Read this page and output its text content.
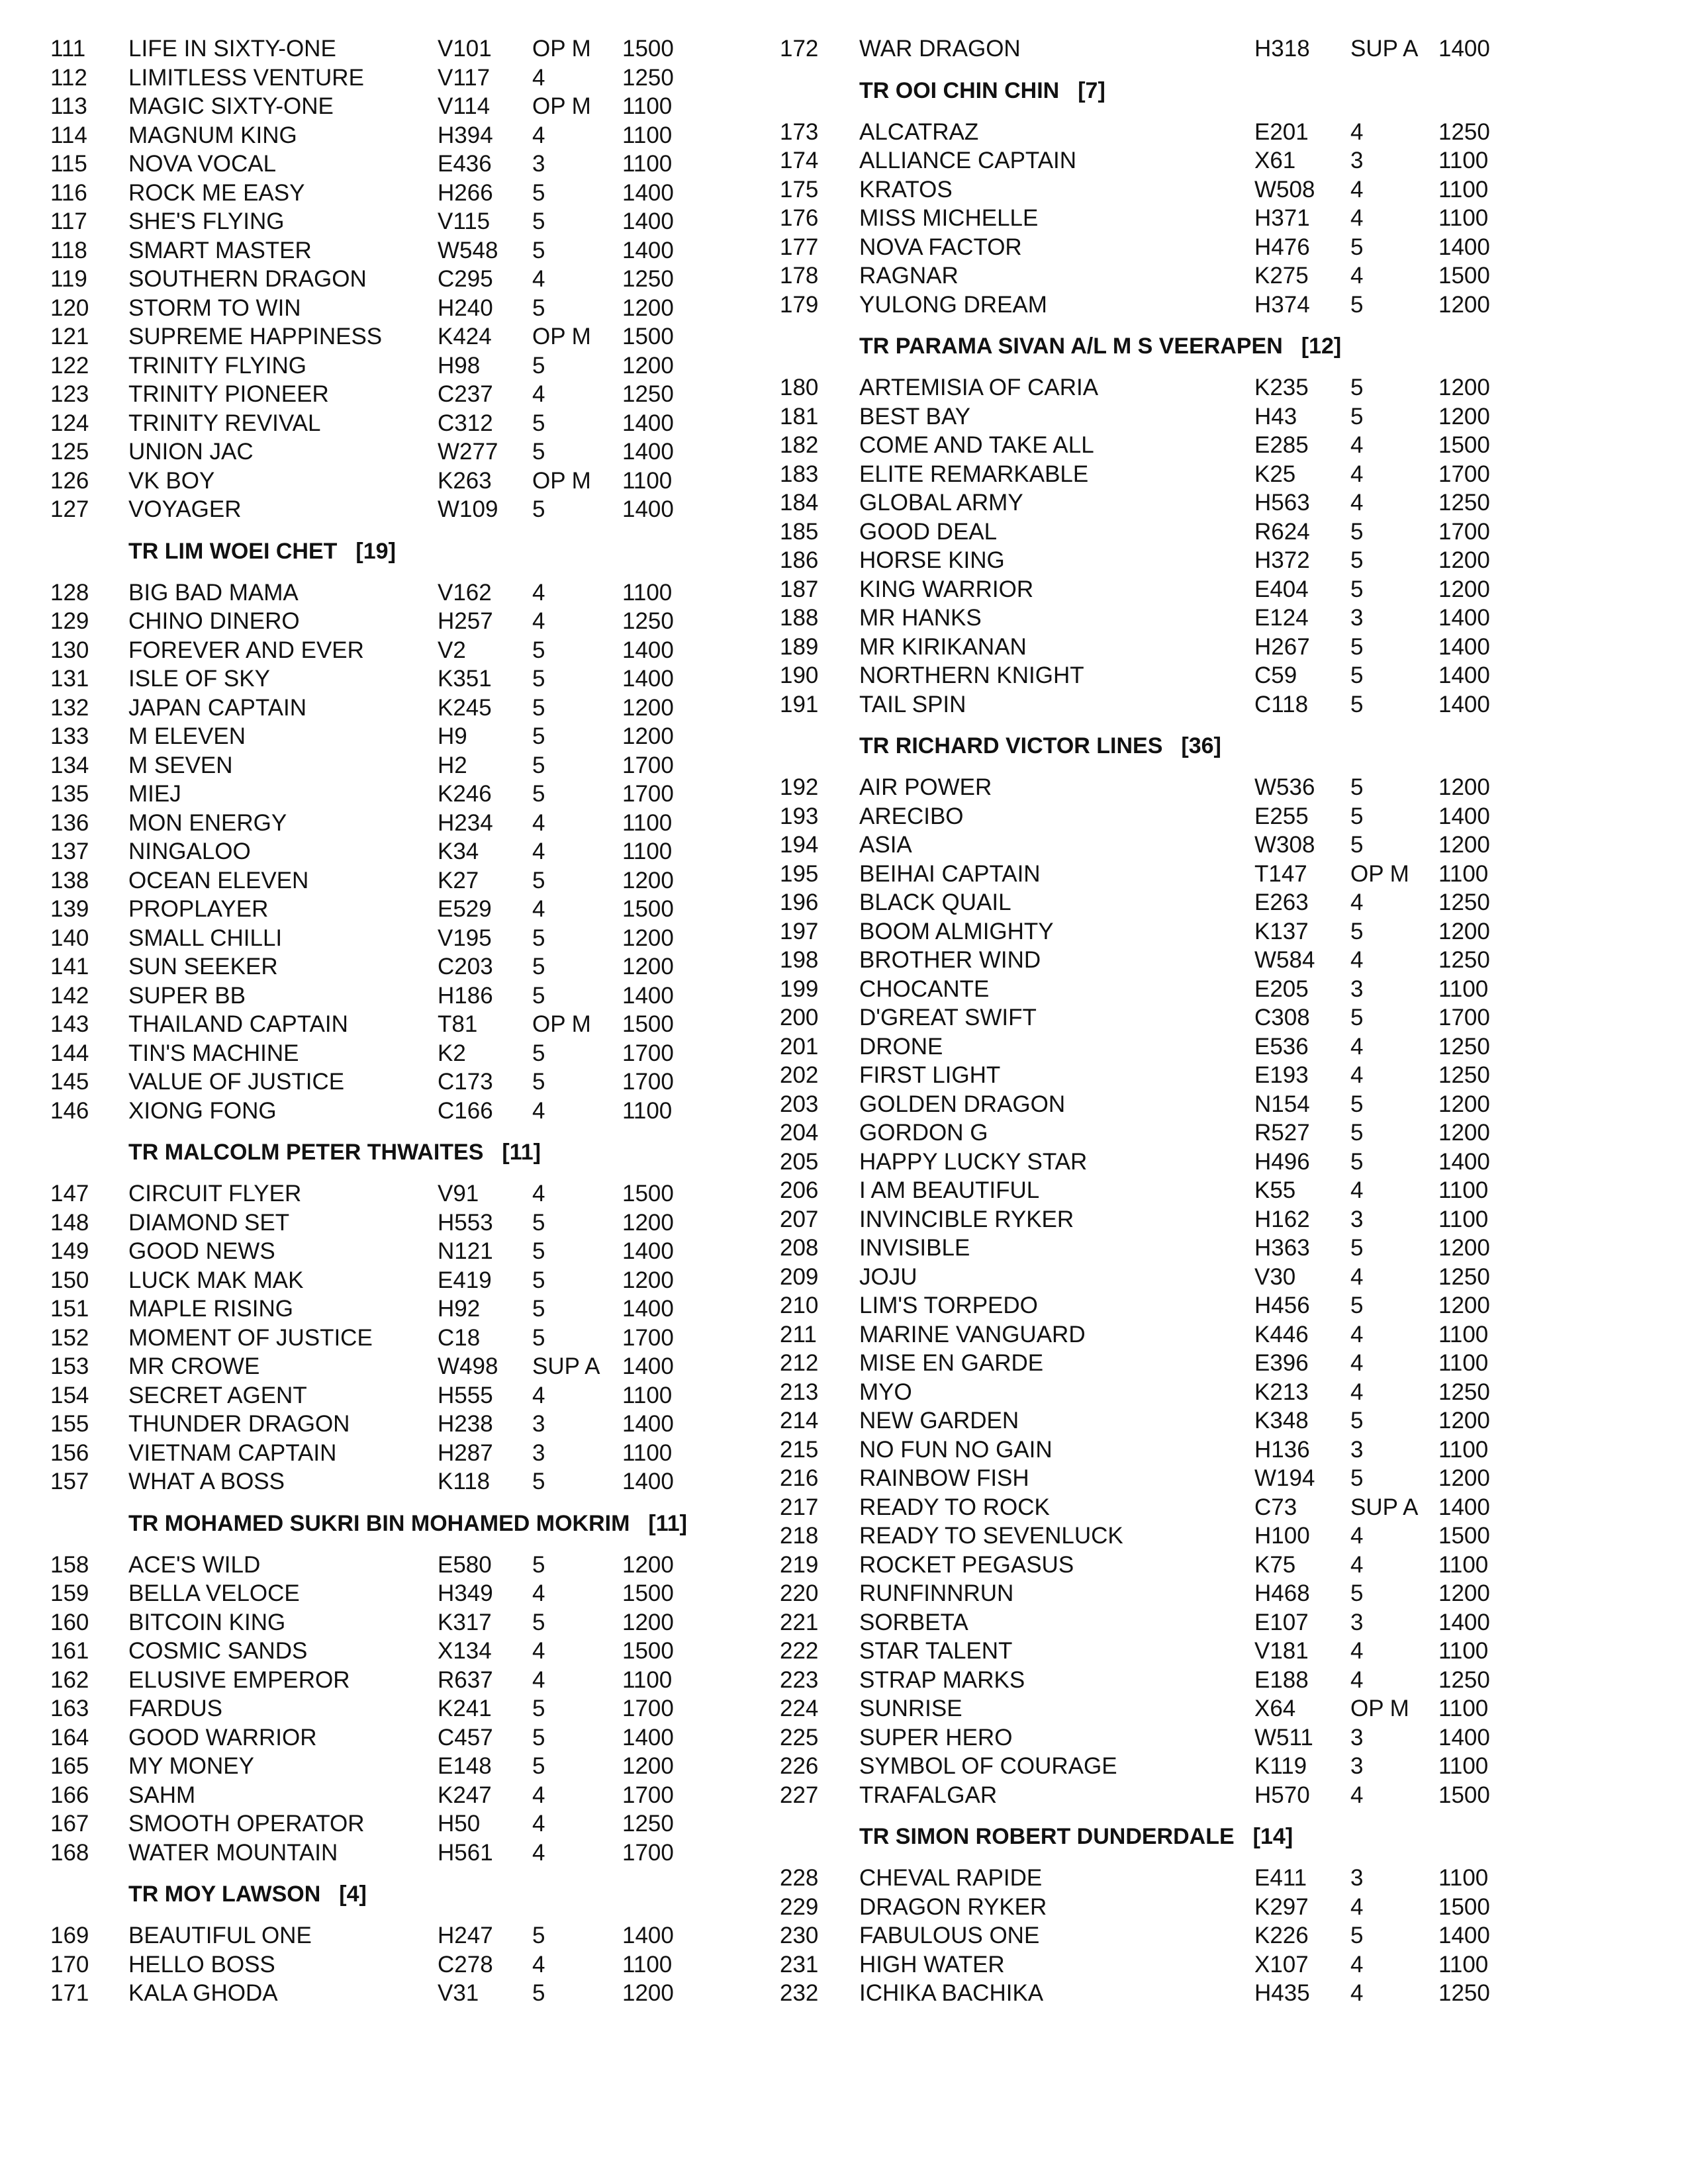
111 LIFE IN SIXTY-ONE	V101 OP M 1500
112 LIMITLESS VENTURE	V117 4	1250
113 MAGIC SIXTY-ONE	V114 OP M 1100
114 MAGNUM KING	H394 4	1100
115 NOVA VOCAL	E436 3	1100
116 ROCK ME EASY	H266 5	1400
117 SHE'S FLYING	V115 5	1400
118 SMART MASTER	W548 5	1400
119 SOUTHERN DRAGON	C295 4	1250
120 STORM TO WIN	H240 5	1200
121 SUPREME HAPPINESS K424 OP M 1500
122 TRINITY FLYING	H98 5	1200
123 TRINITY PIONEER	C237 4	1250
124 TRINITY REVIVAL	C312 5	1400
125 UNION JAC	W277 5	1400
126 VK BOY	K263 OP M 1100
127 VOYAGER	W109 5	1400
TR LIM WOEI CHET [19]
128 BIG BAD MAMA	V162 4	1100
129 CHINO DINERO	H257 4	1250
130 FOREVER AND EVER	V2	5	1400
131 ISLE OF SKY	K351 5	1400
132 JAPAN CAPTAIN	K245 5	1200
133 M ELEVEN	H9	5	1200
134 M SEVEN	H2	5	1700
135 MIEJ	K246 5	1700
136 MON ENERGY	H234 4	1100
137 NINGALOO	K34 4	1100
138 OCEAN ELEVEN	K27 5	1200
139 PROPLAYER	E529 4	1500
140 SMALL CHILLI	V195 5	1200
141 SUN SEEKER	C203 5	1200
142 SUPER BB	H186 5	1400
143 THAILAND CAPTAIN	T81 OP M 1500
144 TIN'S MACHINE	K2	5	1700
145 VALUE OF JUSTICE	C173 5	1700
146 XIONG FONG	C166 4	1100
TR MALCOLM PETER THWAITES [11]
147 CIRCUIT FLYER	V91 4	1500
148 DIAMOND SET	H553 5	1200
149 GOOD NEWS	N121 5	1400
150 LUCK MAK MAK	E419 5	1200
151 MAPLE RISING	H92 5	1400
152 MOMENT OF JUSTICE	C18 5	1700
153 MR CROWE	W498 SUP A 1400
154 SECRET AGENT	H555 4	1100
155 THUNDER DRAGON	H238 3	1400
156 VIETNAM CAPTAIN	H287 3	1100
157 WHAT A BOSS	K118 5	1400
TR MOHAMED SUKRI BIN MOHAMED MOKRIM [11]
158 ACE'S WILD	E580 5	1200
159 BELLA VELOCE	H349 4	1500
160 BITCOIN KING	K317 5	1200
161 COSMIC SANDS	X134 4	1500
162 ELUSIVE EMPEROR	R637 4	1100
163 FARDUS	K241 5	1700
164 GOOD WARRIOR	C457 5	1400
165 MY MONEY	E148 5	1200
166 SAHM	K247 4	1700
167 SMOOTH OPERATOR	H50 4	1250
168 WATER MOUNTAIN	H561 4	1700
TR MOY LAWSON [4]
169 BEAUTIFUL ONE	H247 5	1400
170 HELLO BOSS	C278 4	1100
171 KALA GHODA	V31 5	1200
172 WAR DRAGON	H318 SUP A 1400
TR OOI CHIN CHIN [7]
173 ALCATRAZ	E201 4	1250
174 ALLIANCE CAPTAIN	X61 3	1100
175 KRATOS	W508 4	1100
176 MISS MICHELLE	H371 4	1100
177 NOVA FACTOR	H476 5	1400
178 RAGNAR	K275 4	1500
179 YULONG DREAM	H374 5	1200
TR PARAMA SIVAN A/L M S VEERAPEN [12]
180 ARTEMISIA OF CARIA	K235 5	1200
181 BEST BAY	H43 5	1200
182 COME AND TAKE ALL	E285 4	1500
183 ELITE REMARKABLE	K25 4	1700
184 GLOBAL ARMY	H563 4	1250
185 GOOD DEAL	R624 5	1700
186 HORSE KING	H372 5	1200
187 KING WARRIOR	E404 5	1200
188 MR HANKS	E124 3	1400
189 MR KIRIKANAN	H267 5	1400
190 NORTHERN KNIGHT	C59 5	1400
191 TAIL SPIN	C118 5	1400
TR RICHARD VICTOR LINES [36]
192 AIR POWER	W536 5	1200
193 ARECIBO	E255 5	1400
194 ASIA	W308 5	1200
195 BEIHAI CAPTAIN	T147 OP M 1100
196 BLACK QUAIL	E263 4	1250
197 BOOM ALMIGHTY	K137 5	1200
198 BROTHER WIND	W584 4	1250
199 CHOCANTE	E205 3	1100
200 D'GREAT SWIFT	C308 5	1700
201 DRONE	E536 4	1250
202 FIRST LIGHT	E193 4	1250
203 GOLDEN DRAGON	N154 5	1200
204 GORDON G	R527 5	1200
205 HAPPY LUCKY STAR	H496 5	1400
206 I AM BEAUTIFUL	K55 4	1100
207 INVINCIBLE RYKER	H162 3	1100
208 INVISIBLE	H363 5	1200
209 JOJU	V30 4	1250
210 LIM'S TORPEDO	H456 5	1200
211 MARINE VANGUARD	K446 4	1100
212 MISE EN GARDE	E396 4	1100
213 MYO	K213 4	1250
214 NEW GARDEN	K348 5	1200
215 NO FUN NO GAIN	H136 3	1100
216 RAINBOW FISH	W194 5	1200
217 READY TO ROCK	C73 SUP A 1400
218 READY TO SEVENLUCK	H100 4	1500
219 ROCKET PEGASUS	K75 4	1100
220 RUNFINNRUN	H468 5	1200
221 SORBETA	E107 3	1400
222 STAR TALENT	V181 4	1100
223 STRAP MARKS	E188 4	1250
224 SUNRISE	X64 OP M 1100
225 SUPER HERO	W511 3	1400
226 SYMBOL OF COURAGE	K119 3	1100
227 TRAFALGAR	H570 4	1500
TR SIMON ROBERT DUNDERDALE [14]
228 CHEVAL RAPIDE	E411 3	1100
229 DRAGON RYKER	K297 4	1500
230 FABULOUS ONE	K226 5	1400
231 HIGH WATER	X107 4	1100
232 ICHIKA BACHIKA	H435 4	1250
